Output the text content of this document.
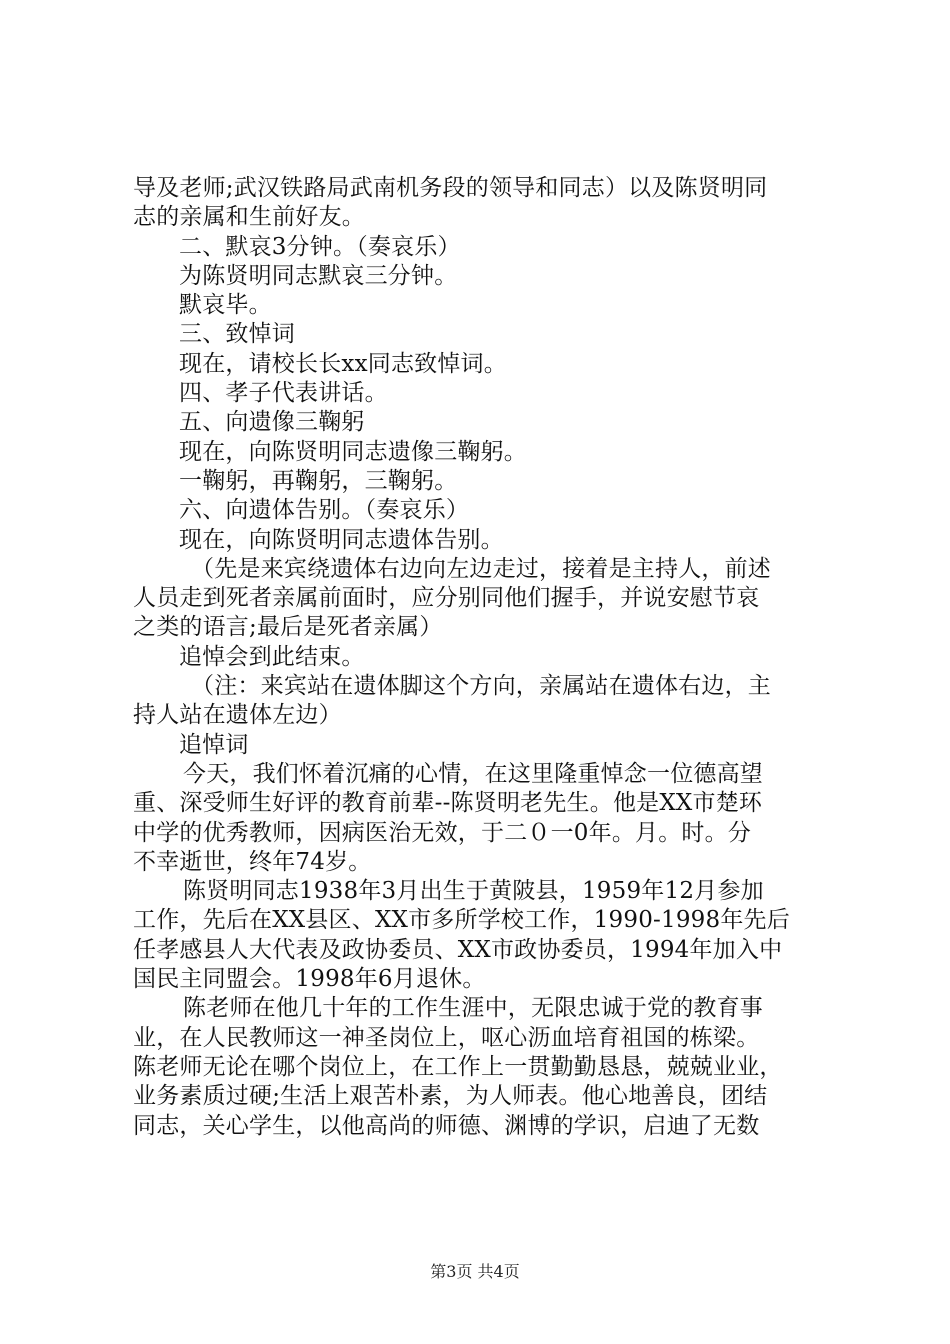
导及老师;武汉铁路局武南机务段的领导和同志）以及陈贤明同
志的亲属和生前好友。
二、默哀3分钟。（奏哀乐）
为陈贤明同志默哀三分钟。
默哀毕。
三、致悼词
现在，请校长长xx同志致悼词。
四、孝子代表讲话。
五、向遗像三鞠躬
现在，向陈贤明同志遗像三鞠躬。
一鞠躬，再鞠躬，三鞠躬。
六、向遗体告别。（奏哀乐）
现在，向陈贤明同志遗体告别。
（先是来宾绕遗体右边向左边走过，接着是主持人，前述
人员走到死者亲属前面时，应分别同他们握手，并说安慰节哀
之类的语言;最后是死者亲属）
追悼会到此结束。
（注：来宾站在遗体脚这个方向，亲属站在遗体右边，主
持人站在遗体左边）
追悼词
今天，我们怀着沉痛的心情，在这里隆重悼念一位德高望
重、深受师生好评的教育前辈--陈贤明老先生。他是XX市楚环
中学的优秀教师，因病医治无效，于二０一0年。月。时。分
不幸逝世，终年74岁。
陈贤明同志1938年3月出生于黄陂县，1959年12月参加
工作，先后在XX县区、XX市多所学校工作，1990-1998年先后
任孝感县人大代表及政协委员、XX市政协委员，1994年加入中
国民主同盟会。1998年6月退休。
陈老师在他几十年的工作生涯中，无限忠诚于党的教育事
业，在人民教师这一神圣岗位上，呕心沥血培育祖国的栋梁。
陈老师无论在哪个岗位上，在工作上一贯勤勤恳恳，兢兢业业，
业务素质过硬;生活上艰苦朴素，为人师表。他心地善良，团结
同志，关心学生，以他高尚的师德、渊博的学识，启迪了无数
第3页 共4页
